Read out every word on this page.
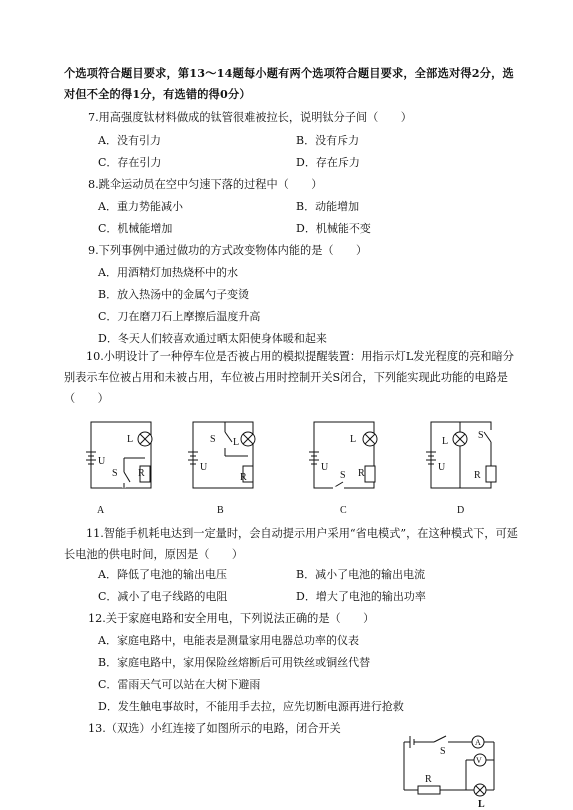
个选项符合题目要求，第13～14题每小题有两个选项符合题目要求，全部选对得2分，选对但不全的得1分，有选错的得0分）
7.用高强度钛材料做成的钛管很难被拉长，说明钛分子间（　　）
A．没有引力	B．没有斥力
C．存在引力	D．存在斥力
8.跳伞运动员在空中匀速下落的过程中（　　）
A．重力势能减小	B．动能增加
C．机械能增加	D．机械能不变
9.下列事例中通过做功的方式改变物体内能的是（　　）
A．用酒精灯加热烧杯中的水
B．放入热汤中的金属勺子变烫
C．刀在磨刀石上摩擦后温度升高
D．冬天人们较喜欢通过晒太阳使身体暖和起来
10.小明设计了一种停车位是否被占用的模拟提醒装置：用指示灯L发光程度的亮和暗分别表示车位被占用和未被占用，车位被占用时控制开关S闭合，下列能实现此功能的电路是（　　）
L
U
S R
A
S L
U
R
B
L
U
S R
C
L
S
U
R
D
11.智能手机耗电达到一定量时，会自动提示用户采用“省电模式”，在这种模式下，可延长电池的供电时间，原因是（　　）
A．降低了电池的输出电压	B．减小了电池的输出电流
C．减小了电子线路的电阻	D．增大了电池的输出功率
12.关于家庭电路和安全用电，下列说法正确的是（　　）
A．家庭电路中，电能表是测量家用电器总功率的仪表
B．家庭电路中，家用保险丝熔断后可用铁丝或铜丝代替
C．雷雨天气可以站在大树下避雨
D．发生触电事故时，不能用手去拉，应先切断电源再进行抢救
13.（双选）小红连接了如图所示的电路，闭合开关
S
A
V
R
L
